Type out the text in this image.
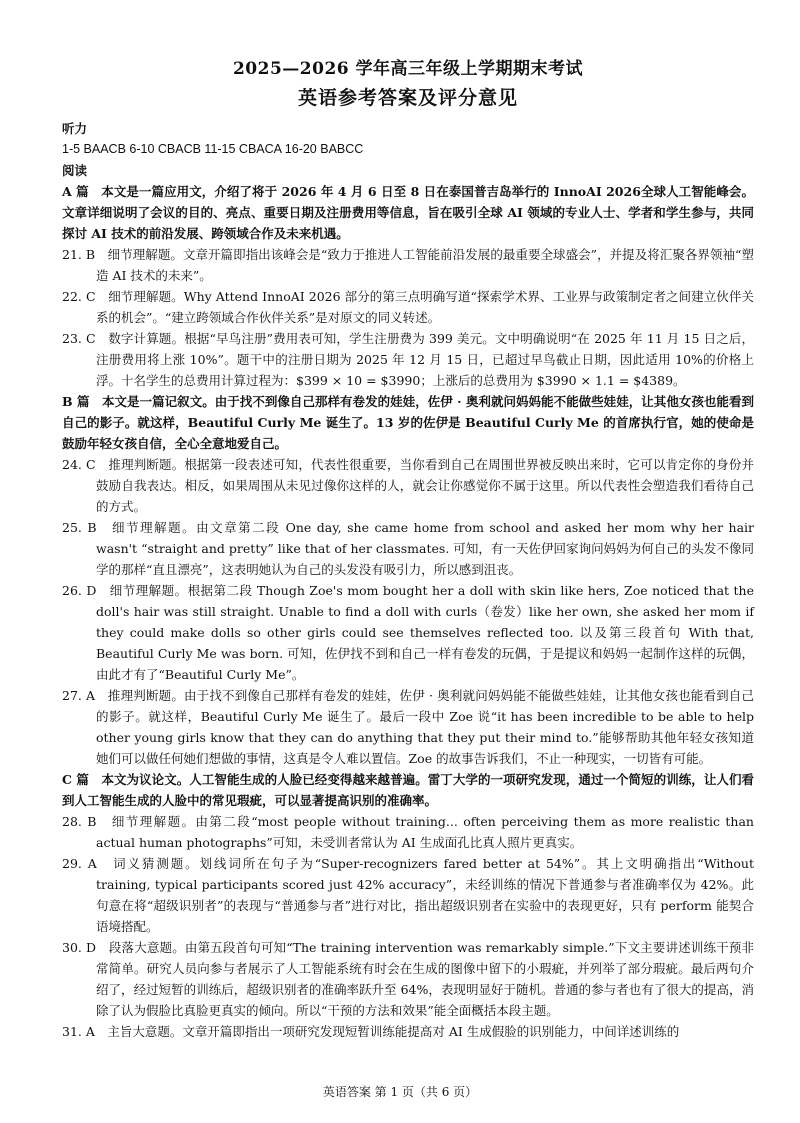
2025—2026 学年高三年级上学期期末考试

英语参考答案及评分意见

听力

1-5 BAACB 6-10 CBACB 11-15 CBACA 16-20 BABCC

阅读

A 篇　本文是一篇应用文，介绍了将于 2026 年 4 月 6 日至 8 日在泰国普吉岛举行的 InnoAI 2026全球人工智能峰会。文章详细说明了会议的目的、亮点、重要日期及注册费用等信息，旨在吸引全球 AI 领域的专业人士、学者和学生参与，共同探讨 AI 技术的前沿发展、跨领域合作及未来机遇。

21. B　细节理解题。文章开篇即指出该峰会是“致力于推进人工智能前沿发展的最重要全球盛会”，并提及将汇聚各界领袖“塑造 AI 技术的未来”。

22. C　细节理解题。Why Attend InnoAI 2026 部分的第三点明确写道“探索学术界、工业界与政策制定者之间建立伙伴关系的机会”。“建立跨领域合作伙伴关系”是对原文的同义转述。

23. C　数字计算题。根据“早鸟注册”费用表可知，学生注册费为 399 美元。文中明确说明“在 2025 年 11 月 15 日之后，注册费用将上涨 10%”。题干中的注册日期为 2025 年 12 月 15 日，已超过早鸟截止日期，因此适用 10%的价格上浮。十名学生的总费用计算过程为：$399 × 10 = $3990；上涨后的总费用为 $3990 × 1.1 = $4389。

B 篇　本文是一篇记叙文。由于找不到像自己那样有卷发的娃娃，佐伊 · 奥利就问妈妈能不能做些娃娃，让其他女孩也能看到自己的影子。就这样，Beautiful Curly Me 诞生了。13 岁的佐伊是 Beautiful Curly Me 的首席执行官，她的使命是鼓励年轻女孩自信，全心全意地爱自己。

24. C　推理判断题。根据第一段表述可知，代表性很重要，当你看到自己在周围世界被反映出来时，它可以肯定你的身份并鼓励自我表达。相反，如果周围从未见过像你这样的人，就会让你感觉你不属于这里。所以代表性会塑造我们看待自己的方式。

25. B　细节理解题。由文章第二段 One day, she came home from school and asked her mom why her hair wasn't “straight and pretty” like that of her classmates. 可知，有一天佐伊回家询问妈妈为何自己的头发不像同学的那样“直且漂亮”，这表明她认为自己的头发没有吸引力，所以感到沮丧。

26. D　细节理解题。根据第二段 Though Zoe's mom bought her a doll with skin like hers, Zoe noticed that the doll's hair was still straight. Unable to find a doll with curls（卷发）like her own, she asked her mom if they could make dolls so other girls could see themselves reflected too. 以及第三段首句 With that, Beautiful Curly Me was born. 可知，佐伊找不到和自己一样有卷发的玩偶，于是提议和妈妈一起制作这样的玩偶，由此才有了“Beautiful Curly Me”。

27. A　推理判断题。由于找不到像自己那样有卷发的娃娃，佐伊 · 奥利就问妈妈能不能做些娃娃，让其他女孩也能看到自己的影子。就这样，Beautiful Curly Me 诞生了。最后一段中 Zoe 说“it has been incredible to be able to help other young girls know that they can do anything that they put their mind to.”能够帮助其他年轻女孩知道她们可以做任何她们想做的事情，这真是令人难以置信。Zoe 的故事告诉我们，不止一种现实，一切皆有可能。

C 篇　本文为议论文。人工智能生成的人脸已经变得越来越普遍。雷丁大学的一项研究发现，通过一个简短的训练，让人们看到人工智能生成的人脸中的常见瑕疵，可以显著提高识别的准确率。

28. B　细节理解题。由第二段“most people without training... often perceiving them as more realistic than actual human photographs”可知，未受训者常认为 AI 生成面孔比真人照片更真实。

29. A　词义猜测题。划线词所在句子为“Super-recognizers fared better at 54%”。其上文明确指出“Without training, typical participants scored just 42% accuracy”，未经训练的情况下普通参与者准确率仅为 42%。此句意在将“超级识别者”的表现与“普通参与者”进行对比，指出超级识别者在实验中的表现更好，只有 perform 能契合语境搭配。

30. D　段落大意题。由第五段首句可知“The training intervention was remarkably simple.”下文主要讲述训练干预非常简单。研究人员向参与者展示了人工智能系统有时会在生成的图像中留下的小瑕疵，并列举了部分瑕疵。最后两句介绍了，经过短暂的训练后，超级识别者的准确率跃升至 64%，表现明显好于随机。普通的参与者也有了很大的提高，消除了认为假脸比真脸更真实的倾向。所以“干预的方法和效果”能全面概括本段主题。

31. A　主旨大意题。文章开篇即指出一项研究发现短暂训练能提高对 AI 生成假脸的识别能力，中间详述训练的

英语答案 第 1 页（共 6 页）
